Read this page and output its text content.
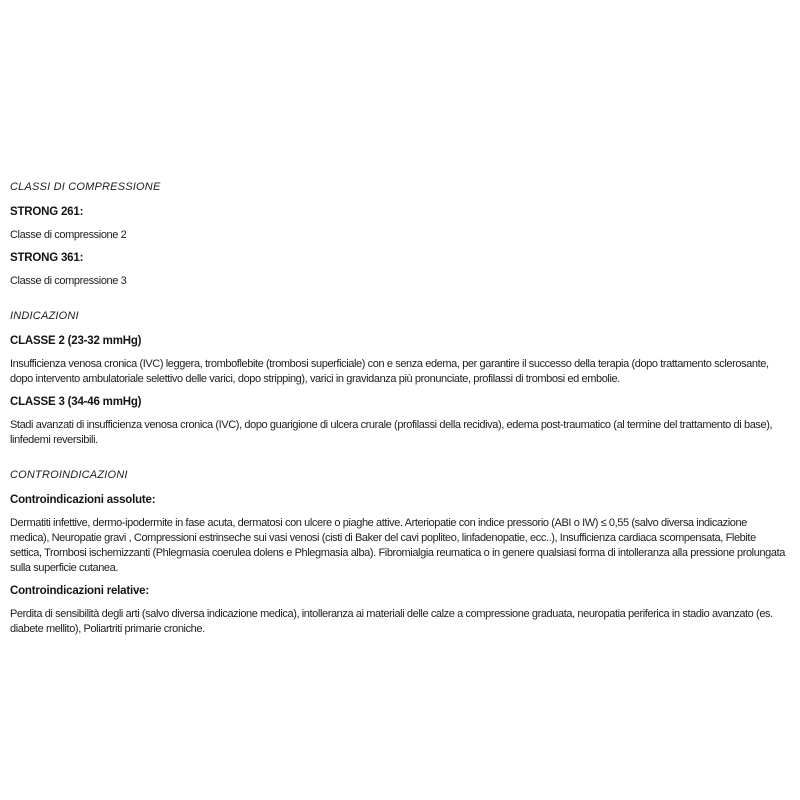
CLASSI DI COMPRESSIONE
STRONG 261:

Classe di compressione 2

STRONG 361:

Classe di compressione 3

INDICAZIONI
CLASSE 2 (23-32 mmHg)

Insufficienza venosa cronica (IVC) leggera, tromboflebite (trombosi superficiale) con e senza edema, per garantire il successo della terapia (dopo trattamento sclerosante, dopo intervento ambulatoriale selettivo delle varici, dopo stripping), varici in gravidanza più pronunciate, profilassi di trombosi ed embolie.

CLASSE 3 (34-46 mmHg)

Stadi avanzati di insufficienza venosa cronica (IVC), dopo guarigione di ulcera crurale (profilassi della recidiva), edema post-traumatico (al termine del trattamento di base), linfedemi reversibili.

CONTROINDICAZIONI
Controindicazioni assolute:

Dermatiti infettive, dermo-ipodermite in fase acuta, dermatosi con ulcere o piaghe attive. Arteriopatie con indice pressorio (ABI o IW) ≤ 0,55 (salvo diversa indicazione medica), Neuropatie gravi , Compressioni estrinseche sui vasi venosi (cisti di Baker del cavi popliteo, linfadenopatie, ecc..), Insufficienza cardiaca scompensata, Flebite settica, Trombosi ischemizzanti (Phlegmasia coerulea dolens e Phlegmasia alba). Fibromialgia reumatica o in genere qualsiasi forma di intolleranza alla pressione prolungata sulla superficie cutanea.

Controindicazioni relative:

Perdita di sensibilità degli arti (salvo diversa indicazione medica), intolleranza ai materiali delle calze a compressione graduata, neuropatia periferica in stadio avanzato (es. diabete mellito), Poliartriti primarie croniche.
